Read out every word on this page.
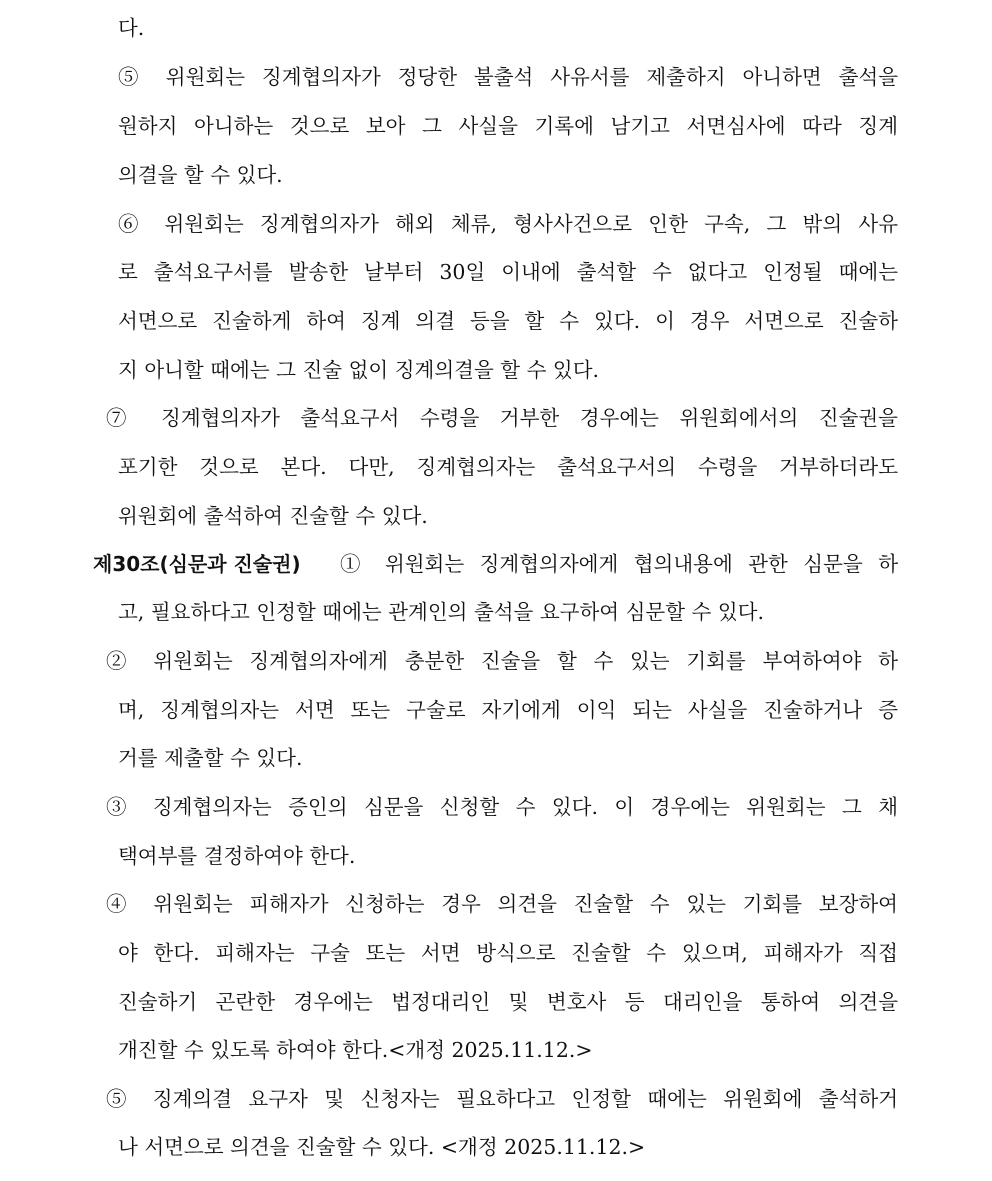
다.
⑤ 위원회는 징계협의자가 정당한 불출석 사유서를 제출하지 아니하면 출석을
원하지 아니하는 것으로 보아 그 사실을 기록에 남기고 서면심사에 따라 징계
의결을 할 수 있다.
⑥ 위원회는 징계협의자가 해외 체류, 형사사건으로 인한 구속, 그 밖의 사유
로 출석요구서를 발송한 날부터 30일 이내에 출석할 수 없다고 인정될 때에는
서면으로 진술하게 하여 징계 의결 등을 할 수 있다. 이 경우 서면으로 진술하
지 아니할 때에는 그 진술 없이 징계의결을 할 수 있다.
⑦ 징계협의자가 출석요구서 수령을 거부한 경우에는 위원회에서의 진술권을
포기한 것으로 본다. 다만, 징계협의자는 출석요구서의 수령을 거부하더라도
위원회에 출석하여 진술할 수 있다.
제30조(심문과 진술권) ① 위원회는 징계협의자에게 협의내용에 관한 심문을 하
고, 필요하다고 인정할 때에는 관계인의 출석을 요구하여 심문할 수 있다.
② 위원회는 징계협의자에게 충분한 진술을 할 수 있는 기회를 부여하여야 하
며, 징계협의자는 서면 또는 구술로 자기에게 이익 되는 사실을 진술하거나 증
거를 제출할 수 있다.
③ 징계협의자는 증인의 심문을 신청할 수 있다. 이 경우에는 위원회는 그 채
택여부를 결정하여야 한다.
④ 위원회는 피해자가 신청하는 경우 의견을 진술할 수 있는 기회를 보장하여
야 한다. 피해자는 구술 또는 서면 방식으로 진술할 수 있으며, 피해자가 직접
진술하기 곤란한 경우에는 법정대리인 및 변호사 등 대리인을 통하여 의견을
개진할 수 있도록 하여야 한다.<개정 2025.11.12.>
⑤ 징계의결 요구자 및 신청자는 필요하다고 인정할 때에는 위원회에 출석하거
나 서면으로 의견을 진술할 수 있다. <개정 2025.11.12.>
